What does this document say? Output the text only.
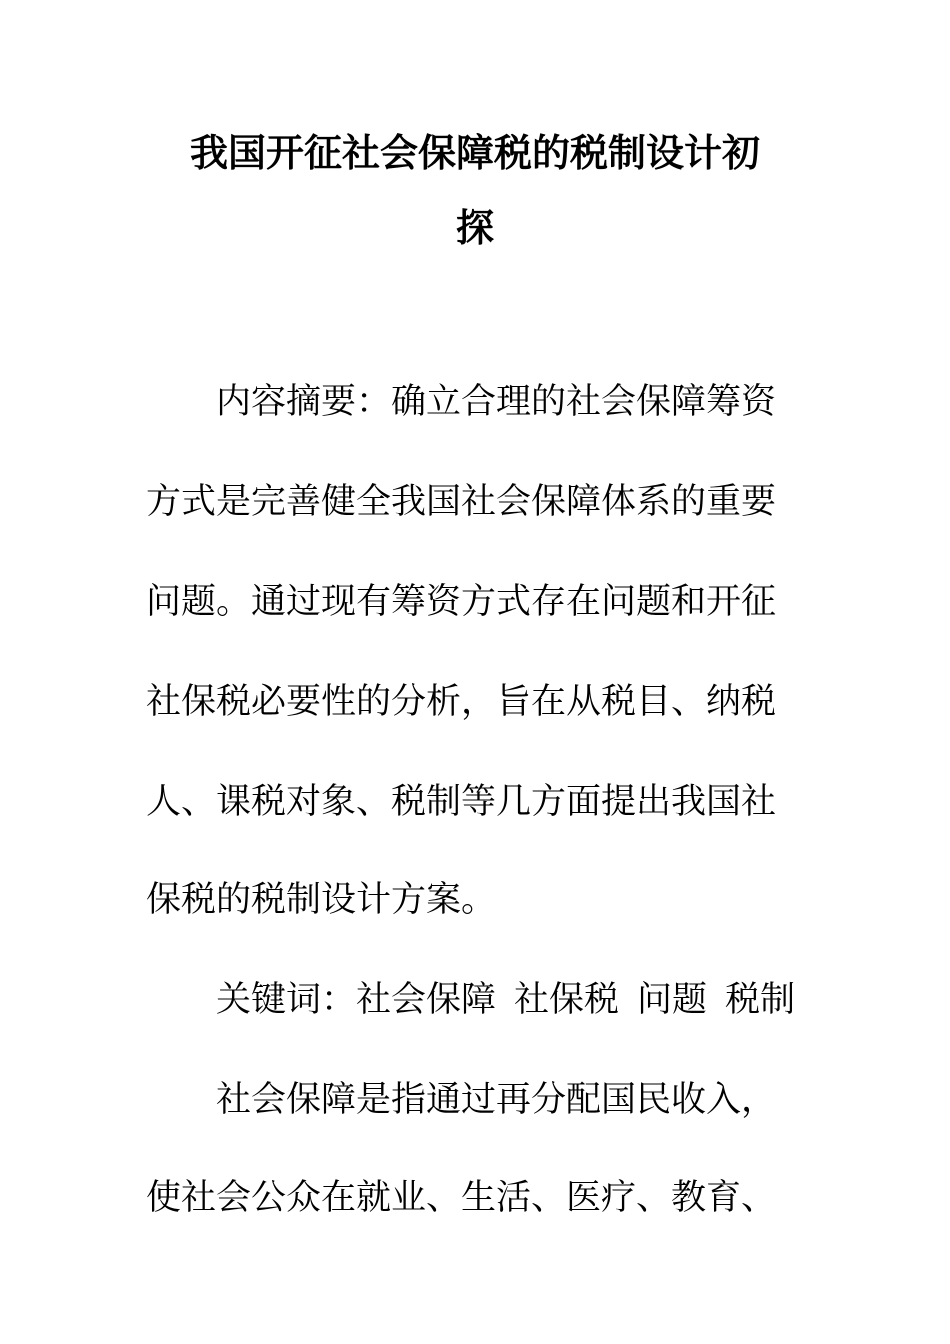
我国开征社会保障税的税制设计初
探
内容摘要：确立合理的社会保障筹资
方式是完善健全我国社会保障体系的重要
问题。通过现有筹资方式存在问题和开征
社保税必要性的分析，旨在从税目、纳税
人、课税对象、税制等几方面提出我国社
保税的税制设计方案。
关键词：社会保障 社保税 问题 税制
社会保障是指通过再分配国民收入，
使社会公众在就业、生活、医疗、教育、
